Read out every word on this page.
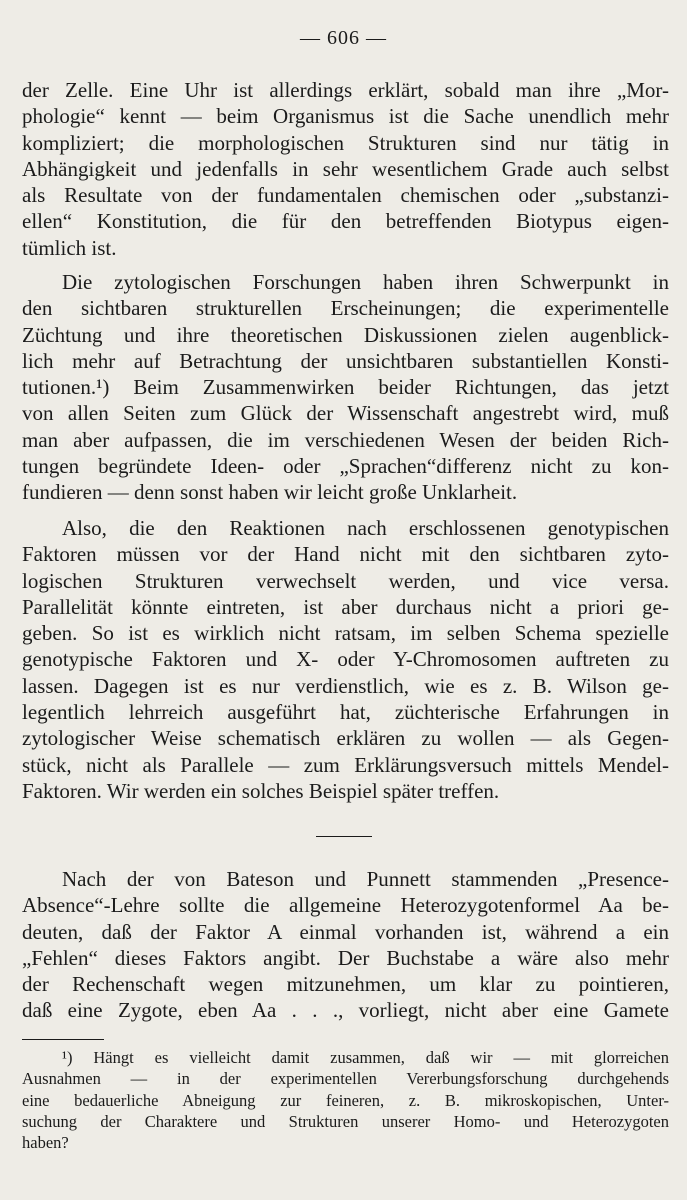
— 606 —

der Zelle. Eine Uhr ist allerdings erklärt, sobald man ihre „Mor-
phologie“ kennt — beim Organismus ist die Sache unendlich mehr
kompliziert; die morphologischen Strukturen sind nur tätig in
Abhängigkeit und jedenfalls in sehr wesentlichem Grade auch selbst
als Resultate von der fundamentalen chemischen oder „substanzi-
ellen“ Konstitution, die für den betreffenden Biotypus eigen-
tümlich ist.

Die zytologischen Forschungen haben ihren Schwerpunkt in
den sichtbaren strukturellen Erscheinungen; die experimentelle
Züchtung und ihre theoretischen Diskussionen zielen augenblick-
lich mehr auf Betrachtung der unsichtbaren substantiellen Konsti-
tutionen.¹) Beim Zusammenwirken beider Richtungen, das jetzt
von allen Seiten zum Glück der Wissenschaft angestrebt wird, muß
man aber aufpassen, die im verschiedenen Wesen der beiden Rich-
tungen begründete Ideen- oder „Sprachen“differenz nicht zu kon-
fundieren — denn sonst haben wir leicht große Unklarheit.

Also, die den Reaktionen nach erschlossenen genotypischen
Faktoren müssen vor der Hand nicht mit den sichtbaren zyto-
logischen Strukturen verwechselt werden, und vice versa.
Parallelität könnte eintreten, ist aber durchaus nicht a priori ge-
geben. So ist es wirklich nicht ratsam, im selben Schema spezielle
genotypische Faktoren und X- oder Y-Chromosomen auftreten zu
lassen. Dagegen ist es nur verdienstlich, wie es z. B. Wilson ge-
legentlich lehrreich ausgeführt hat, züchterische Erfahrungen in
zytologischer Weise schematisch erklären zu wollen — als Gegen-
stück, nicht als Parallele — zum Erklärungsversuch mittels Mendel-
Faktoren. Wir werden ein solches Beispiel später treffen.

Nach der von Bateson und Punnett stammenden „Presence-
Absence“-Lehre sollte die allgemeine Heterozygotenformel Aa be-
deuten, daß der Faktor A einmal vorhanden ist, während a ein
„Fehlen“ dieses Faktors angibt. Der Buchstabe a wäre also mehr
der Rechenschaft wegen mitzunehmen, um klar zu pointieren,
daß eine Zygote, eben Aa . . ., vorliegt, nicht aber eine Gamete

¹) Hängt es vielleicht damit zusammen, daß wir — mit glorreichen
Ausnahmen — in der experimentellen Vererbungsforschung durchgehends
eine bedauerliche Abneigung zur feineren, z. B. mikroskopischen, Unter-
suchung der Charaktere und Strukturen unserer Homo- und Heterozygoten
haben?
